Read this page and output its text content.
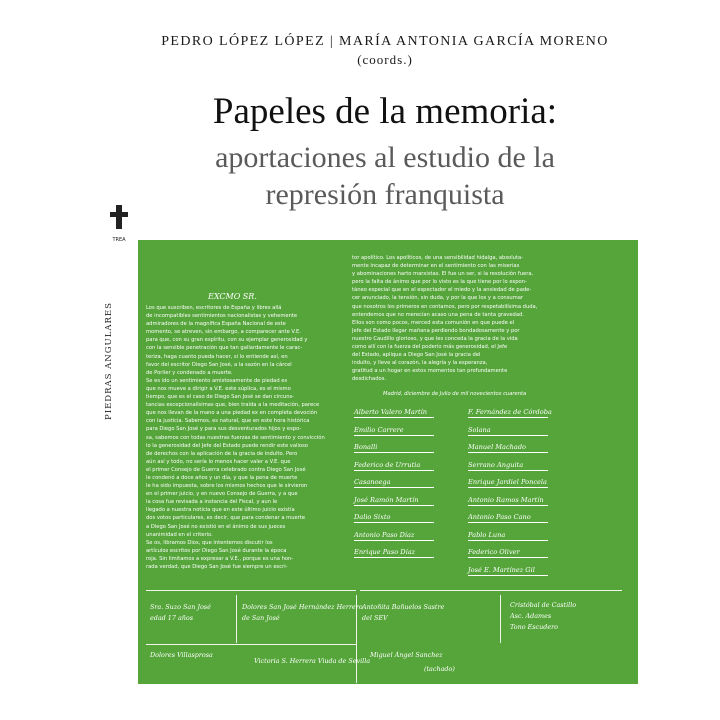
TREA
PIEDRAS ANGULARES
PEDRO LÓPEZ LÓPEZ | MARÍA ANTONIA GARCÍA MORENO
(coords.)
Papeles de la memoria:
aportaciones al estudio de la
represión franquista
EXCMO SR.
Los que suscriben, escritores de España y libres allá
de incompatibles sentimientos nacionalistas y vehemente
admiradores de la magnífica España Nacional de este
momento, se atreven, sin embargo, a comparecer ante V.E.
para que, con su gran espíritu, con su ejemplar generosidad y
con la sensible penetración que tan gallardamente le carac-
teriza, haga cuanto pueda hacer, si lo entiende así, en
favor del escritor Diego San José, a la sazón en la cárcel
de Porlier y condenado a muerte.
Se es ido un sentimiento amistosamente de piedad es
que nos mueve a dirigir a V.E. este súplica, es el mismo
tiempo, que es el caso de Diego San José se dan circuns-
tancias excepcionalísimas que, bien traída a la meditación, parece
que nos llevan de la mano a una piedad ex en completa devoción
con la justicia. Sabemos, es natural, que en este hora histórica
para Diego San José y para sus desventurados hijos y espo-
sa, sabemos con todas nuestras fuerzas de sentimiento y convicción
lo la generosidad del Jefe del Estado puede rendir este valioso
de derechos con la aplicación de la gracia de indulto. Pero
aún así y todo, no sería lo menos hacer valer a V.E. que
el primer Consejo de Guerra celebrado contra Diego San José
le condenó a doce años y un día, y que la pena de muerte
le ha sido impuesta, sobre los mismos hechos que le sirvieron
en el primer juicio, y en nuevo Consejo de Guerra, y a que
la cosa fue revisada a instancia del Fiscal, y aun le
llegado a nuestra noticia que en este último juicio existía
dos votos particulares, es decir, que para condenar a muerte
a Diego San José no existió en el ánimo de sus jueces
unanimidad en el criterio.
Se os, libramos Dios, que intentemos discutir los
artículos escritos por Diego San José durante la época
roja. Sin limitamos a expresar a V.E., porque es una hon-
rada verdad, que Diego San José fue siempre un escri-
tor apolítico. Los apolíticos, de una sensibilidad hidalga, absoluta-
mente incapaz de determinar en el sentimiento con las miserias
y abominaciones harto marxistas. El fue un ser, si la resolución fuera,
pero la falta de ánimo que por lo visto es la que tiene por lo espon-
táneo especial que en el espectador el miedo y la ansiedad de pade-
cer anunciado, la tensión, sin duda, y por la que los y a consumar
que nosotros los primeros en contamos, pero por respetabilísima duda,
entendemos que no merecían acaso una pena de tanta gravedad.
Ellos son como pocos, merced esta comunión en que puede el
Jefe del Estado llegar mañana perdiendo bondadosamente y por
nuestro Caudillo glorioso, y que les conceda la gracia de la vida
como allí con la fuerza del poderío más generosidad, el Jefe
del Estado, aplique a Diego San José la gracia del
indulto, y lleve al corazón, la alegría y la esperanza,
gratitud a un hogar en estos momentos tan profundamente
desdichados.
Madrid, diciembre de Julio de mil novecientos cuarenta
Alberto Valero Martín	F. Fernández de Córdoba
Emilio Carrere	Solana
Bonalli	Manuel Machado
Federico de Urrutia	Serrano Anguita
Casanoega	Enrique Jardiel Poncela
José Ramón Martín	Antonio Ramos Martín
Dalio Sixto	Antonio Paso Cano
Antonio Paso Díaz	Pablo Luna
Enrique Paso Díaz	Federico Oliver
José E. Martínez Gil
Sra. Suzo San José
edad 17 años
Dolores San José Hernández Herrero
de San José
Antoñita Bañuelos Sastre
del SEV
Cristóbal de Castillo
Asc. Adames
Tono Escudero
Dolores Villasprosa
Victoria S. Herrera Viuda de Sevilla
Miguel Ángel Sanchez
(tachado)
